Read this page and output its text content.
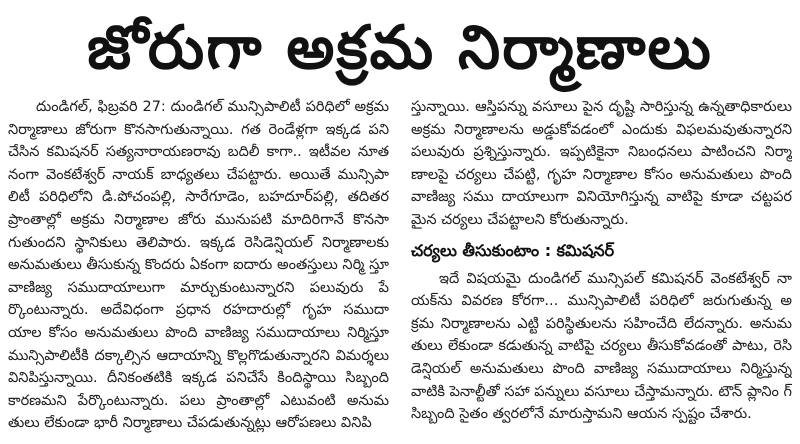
జోరుగా అక్రమ నిర్మాణాలు

దుండిగల్, ఫిబ్రవరి 27: దుండిగల్ మున్సిపాలిటీ పరిధిలో అక్రమ నిర్మాణాలు జోరుగా కొనసాగుతున్నాయి. గత రెండేళ్లగా ఇక్కడ పని చేసిన కమిషనర్ సత్యనారాయణరావు బదిలీ కాగా.. ఇటీవల నూత నంగా వెంకటేశ్వర్ నాయక్ బాధ్యతలు చేపట్టారు. అయితే మున్సిపా లిటీ పరిధిలోని డి.పోచంపల్లి, సారేగూడెం, బహదూర్‌పల్లి, తదితర ప్రాంతాల్లో అక్రమ నిర్మాణాల జోరు మునుపటి మాదిరిగానే కొనసా గుతుందని స్థానికులు తెలిపారు. ఇక్కడ రెసిడెన్షియల్ నిర్మాణాలకు అనుమతులు తీసుకున్న కొందరు ఏకంగా ఐదారు అంతస్తులు నిర్మి స్తూ వాణిజ్య సముదాయాలుగా మార్చుకుంటున్నారని పలువురు పే ర్కొంటున్నారు. అదేవిధంగా ప్రధాన రహదారుల్లో గృహ సముదా యాల కోసం అనుమతులు పొంది వాణిజ్య సముదాయాలు నిర్మిస్తూ మున్సిపాలిటీకి దక్కాల్సిన ఆదాయాన్ని కొల్లగొడుతున్నారని విమర్శలు వినిపిస్తున్నాయి. దీనికంతటికి ఇక్కడ పనిచేసే కిందిస్థాయి సిబ్బంది కారణమని పేర్కొంటున్నారు. పలు ప్రాంతాల్లో ఎటువంటి అనుమ తులు లేకుండా భారీ నిర్మాణాలు చేపడుతున్నట్లు ఆరోపణలు వినిపి

స్తున్నాయి. ఆస్తిపన్ను వసూలు పైన దృష్టి సారిస్తున్న ఉన్నతాధికారులు అక్రమ నిర్మాణాలను అడ్డుకోవడంలో ఎందుకు విఫలమవుతున్నారని పలువురు ప్రశ్నిస్తున్నారు. ఇప్పటికైనా నిబంధనలు పాటించని నిర్మా ణాలపై చర్యలు చేపట్టి, గృహ నిర్మాణాల కోసం అనుమతులు పొంది వాణిజ్య సము దాయాలుగా వినియోగిస్తున్న వాటిపై కూడా చట్టపర మైన చర్యలు చేపట్టాలని కోరుతున్నారు.

చర్యలు తీసుకుంటాం : కమిషనర్

ఇదే విషయమై దుండిగల్ మున్సిపల్ కమిషనర్ వెంకటేశ్వర్ నా యక్‌ను వివరణ కోరగా... మున్సిపాలిటీ పరిధిలో జరుగుతున్న అ క్రమ నిర్మాణాలను ఎట్టి పరిస్థితులను సహించేది లేదన్నారు. అనుమ తులు లేకుండా కడుతున్న వాటిపై చర్యలు తీసుకోవడంతో పాటు, రెసి డెన్షియల్ అనుమతులు పొంది వాణిజ్య సముదాయాలు నిర్మిస్తున్న వాటికి పెనాల్టీతో సహా పన్నులు వసూలు చేస్తామన్నారు. టౌన్ ప్లానిం గ్ సిబ్బంది సైతం త్వరలోనే మారుస్తామని ఆయన స్పష్టం చేశారు.
